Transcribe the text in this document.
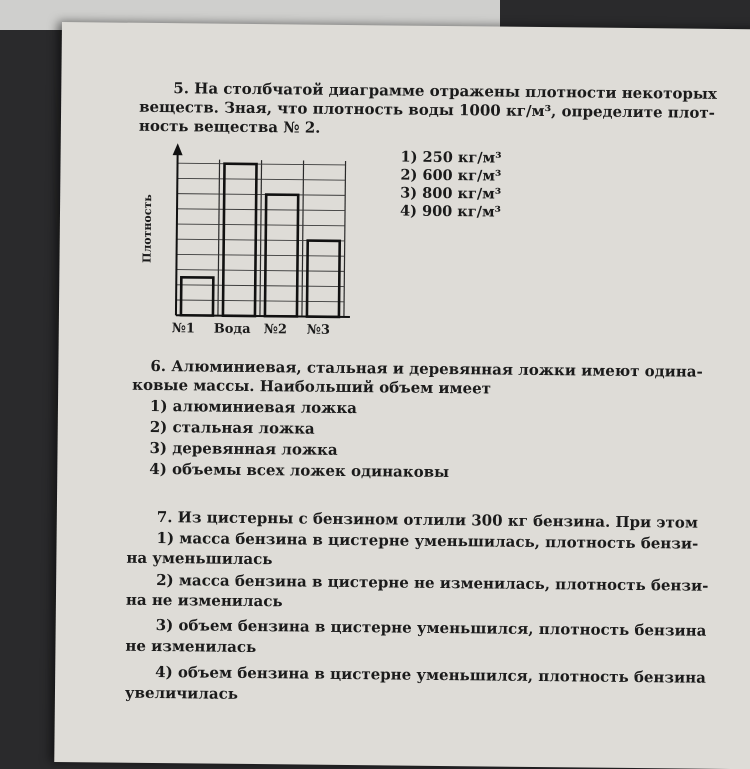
5. На столбчатой диаграмме отражены плотности некоторых
веществ. Зная, что плотность воды 1000 кг/м³, определите плот-
ность вещества № 2.
1) 250 кг/м³
2) 600 кг/м³
3) 800 кг/м³
4) 900 кг/м³
Плотность
№1 Вода №2 №3
6. Алюминиевая, стальная и деревянная ложки имеют одина-
ковые массы. Наибольший объем имеет
1) алюминиевая ложка
2) стальная ложка
3) деревянная ложка
4) объемы всех ложек одинаковы
7. Из цистерны с бензином отлили 300 кг бензина. При этом
1) масса бензина в цистерне уменьшилась, плотность бензи-
на уменьшилась
2) масса бензина в цистерне не изменилась, плотность бензи-
на не изменилась
3) объем бензина в цистерне уменьшился, плотность бензина
не изменилась
4) объем бензина в цистерне уменьшился, плотность бензина
увеличилась
